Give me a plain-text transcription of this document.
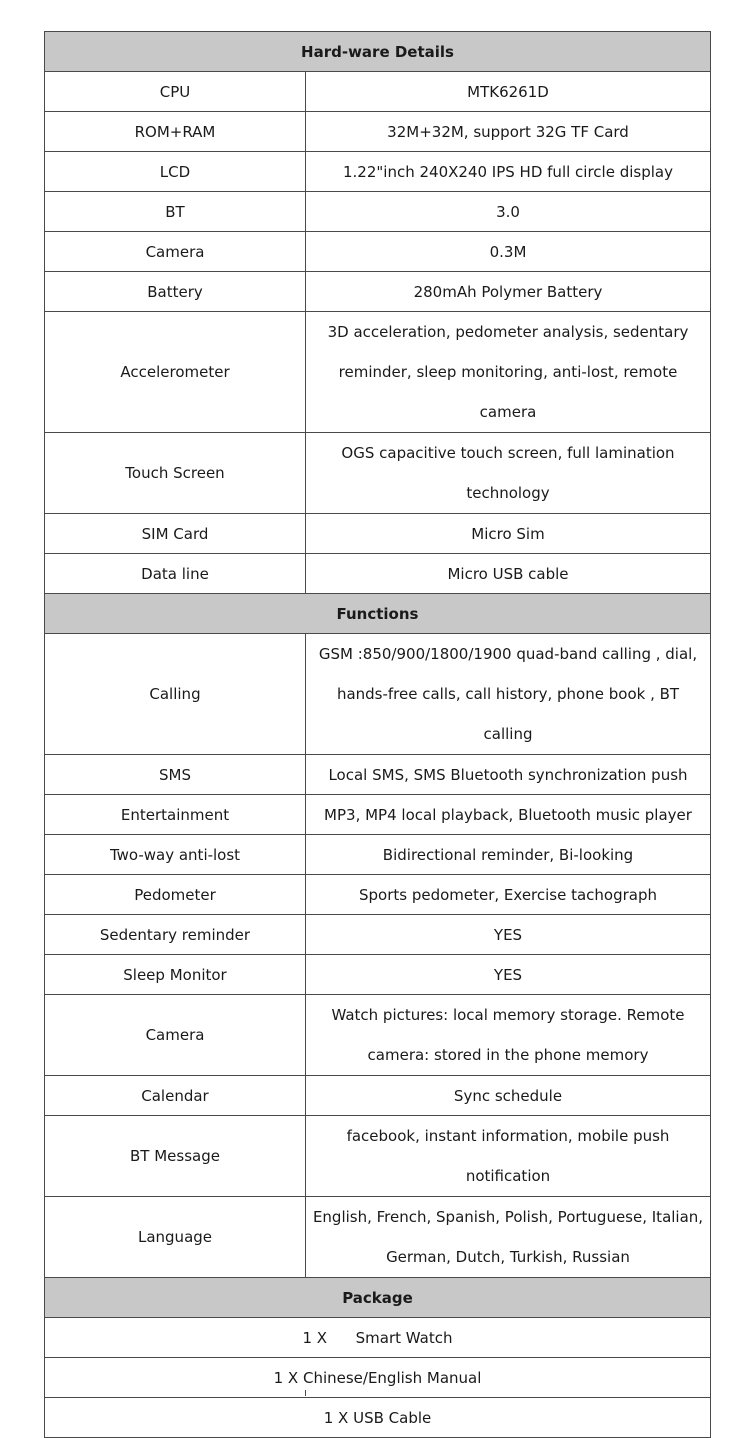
Hard-ware Details	
CPU	MTK6261D
ROM+RAM	32M+32M, support 32G TF Card
LCD	1.22"inch 240X240 IPS HD full circle display
BT	3.0
Camera	0.3M
Battery	280mAh Polymer Battery
Accelerometer	3D acceleration, pedometer analysis, sedentary reminder, sleep monitoring, anti-lost, remote camera
Touch Screen	OGS capacitive touch screen, full lamination technology
SIM Card	Micro Sim
Data line	Micro USB cable
Functions	
Calling	GSM :850/900/1800/1900 quad-band calling , dial, hands-free calls, call history, phone book , BT calling
SMS	Local SMS, SMS Bluetooth synchronization push
Entertainment	MP3, MP4 local playback, Bluetooth music player
Two-way anti-lost	Bidirectional reminder, Bi-looking
Pedometer	Sports pedometer, Exercise tachograph
Sedentary reminder	YES
Sleep Monitor	YES
Camera	Watch pictures: local memory storage. Remote camera: stored in the phone memory
Calendar	Sync schedule
BT Message	facebook, instant information, mobile push notification
Language	English, French, Spanish, Polish, Portuguese, Italian, German, Dutch, Turkish, Russian
Package	
1 X      Smart Watch	
1 X Chinese/English Manual	
1 X USB Cable	
